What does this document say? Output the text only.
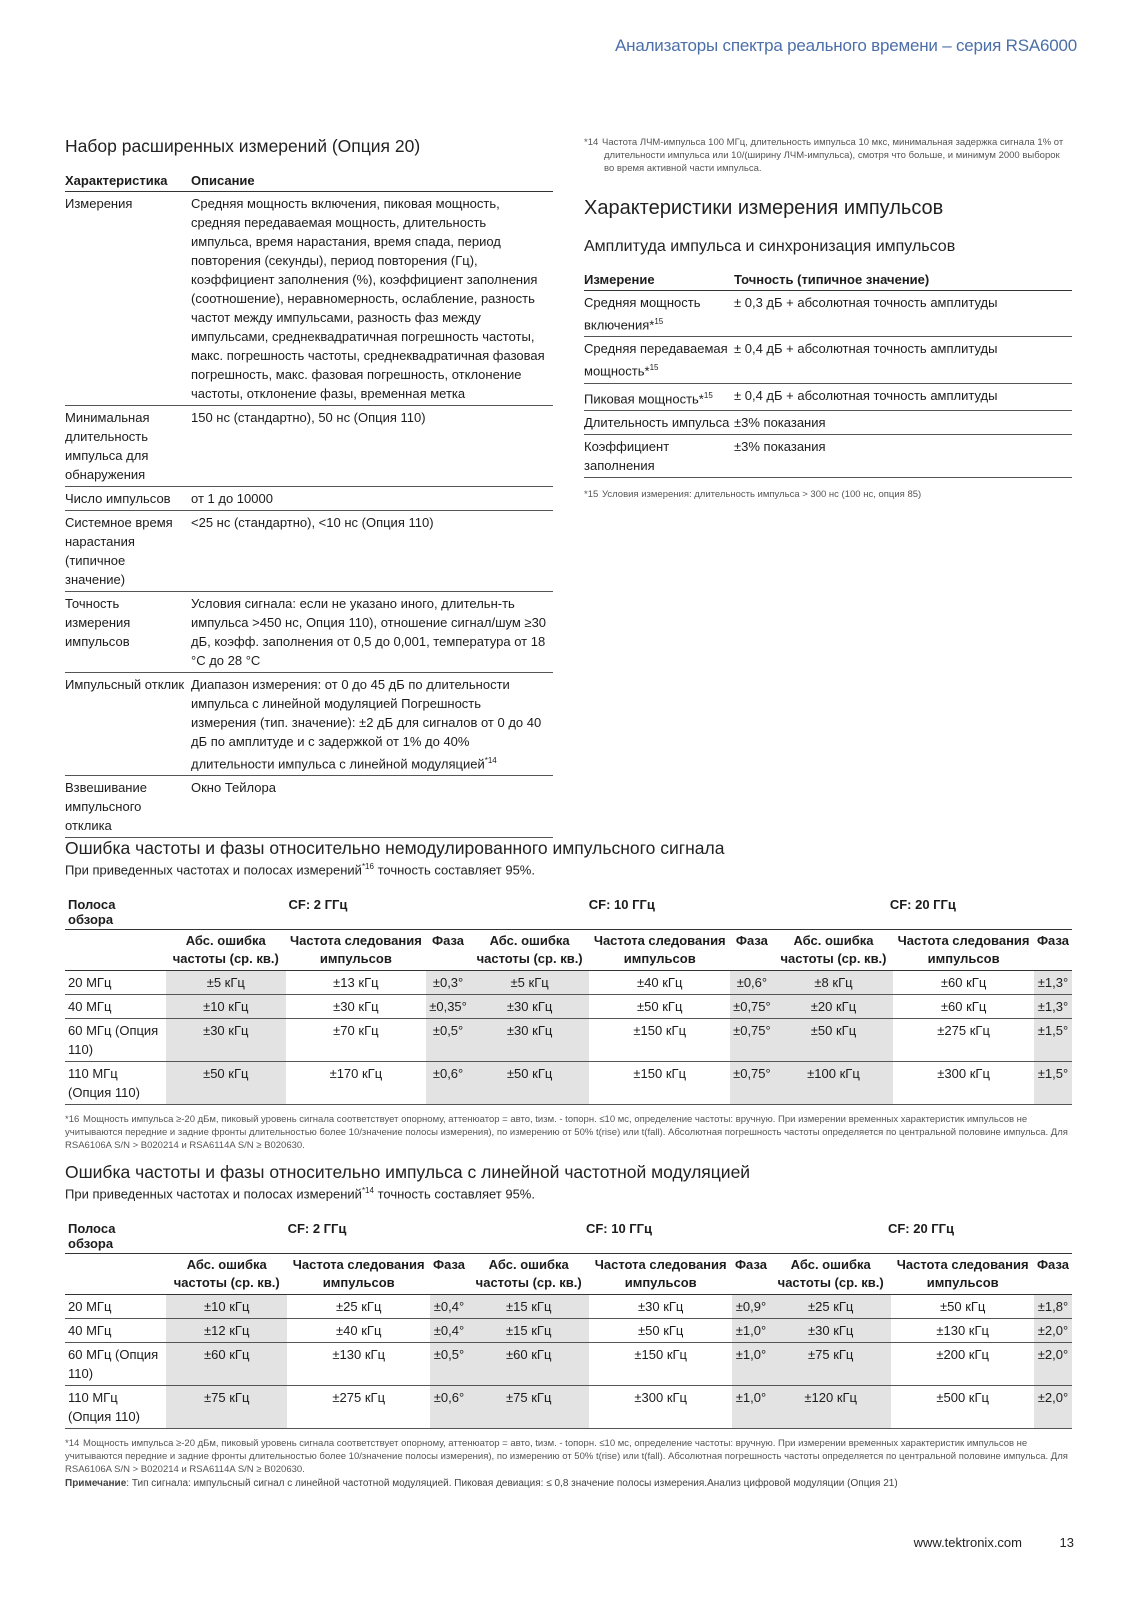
Анализаторы спектра реального времени – серия RSA6000
Набор расширенных измерений (Опция 20)
Характеристика	Описание
Измерения	Средняя мощность включения, пиковая мощность, средняя передаваемая мощность, длительность импульса, время нарастания, время спада, период повторения (секунды), период повторения (Гц), коэффициент заполнения (%), коэффициент заполнения (соотношение), неравномерность, ослабление, разность частот между импульсами, разность фаз между импульсами, среднеквадратичная погрешность частоты, макс. погрешность частоты, среднеквадратичная фазовая погрешность, макс. фазовая погрешность, отклонение частоты, отклонение фазы, временная метка
Минимальная длительность импульса для обнаружения	150 нс (стандартно), 50 нс (Опция 110)
Число импульсов	от 1 до 10000
Системное время нарастания (типичное значение)	<25 нс (стандартно), <10 нс (Опция 110)
Точность измерения импульсов	Условия сигнала: если не указано иного, длительн-ть импульса >450 нс, Опция 110), отношение сигнал/шум ≥30 дБ, коэфф. заполнения от 0,5 до 0,001, температура от 18 °C до 28 °C
Импульсный отклик	Диапазон измерения: от 0 до 45 дБ по длительности импульса с линейной модуляцией Погрешность измерения (тип. значение): ±2 дБ для сигналов от 0 до 40 дБ по амплитуде и с задержкой от 1% до 40% длительности импульса с линейной модуляцией$^{*14}$
Взвешивание импульсного отклика	Окно Тейлора
*14 Частота ЛЧМ-импульса 100 МГц, длительность импульса 10 мкс, минимальная задержка сигнала 1% от длительности импульса или 10/(ширину ЛЧМ-импульса), смотря что больше, и минимум 2000 выборок во время активной части импульса.
Характеристики измерения импульсов
Амплитуда импульса и синхронизация импульсов
Измерение	Точность (типичное значение)
Средняя мощность включения*$^{15}$	± 0,3 дБ + абсолютная точность амплитуды
Средняя передаваемая мощность*$^{15}$	± 0,4 дБ + абсолютная точность амплитуды
Пиковая мощность*$^{15}$	± 0,4 дБ + абсолютная точность амплитуды
Длительность импульса	±3% показания
Коэффициент заполнения	±3% показания
*15 Условия измерения: длительность импульса > 300 нс (100 нс, опция 85)
Ошибка частоты и фазы относительно немодулированного импульсного сигнала
При приведенных частотах и полосах измерений$^{*16}$ точность составляет 95%.
Полоса обзора	CF: 2 ГГц			CF: 10 ГГц			CF: 20 ГГц		
	Абс. ошибка частоты (ср. кв.)	Частота следования импульсов	Фаза	Абс. ошибка частоты (ср. кв.)	Частота следования импульсов	Фаза	Абс. ошибка частоты (ср. кв.)	Частота следования импульсов	Фаза
20 МГц	±5 кГц	±13 кГц	±0,3°	±5 кГц	±40 кГц	±0,6°	±8 кГц	±60 кГц	±1,3°
40 МГц	±10 кГц	±30 кГц	±0,35°	±30 кГц	±50 кГц	±0,75°	±20 кГц	±60 кГц	±1,3°
60 МГц (Опция 110)	±30 кГц	±70 кГц	±0,5°	±30 кГц	±150 кГц	±0,75°	±50 кГц	±275 кГц	±1,5°
110 МГц (Опция 110)	±50 кГц	±170 кГц	±0,6°	±50 кГц	±150 кГц	±0,75°	±100 кГц	±300 кГц	±1,5°
*16 Мощность импульса ≥-20 дБм, пиковый уровень сигнала соответствует опорному, аттенюатор = авто, tизм. - tопорн. ≤10 мс, определение частоты: вручную. При измерении временных характеристик импульсов не учитываются передние и задние фронты длительностью более 10/значение полосы измерения), по измерению от 50% t(rise) или t(fall). Абсолютная погрешность частоты определяется по центральной половине импульса. Для RSA6106A S/N > B020214 и RSA6114A S/N ≥ B020630.
Ошибка частоты и фазы относительно импульса с линейной частотной модуляцией
При приведенных частотах и полосах измерений$^{*14}$ точность составляет 95%.
Полоса обзора	CF: 2 ГГц			CF: 10 ГГц			CF: 20 ГГц		
	Абс. ошибка частоты (ср. кв.)	Частота следования импульсов	Фаза	Абс. ошибка частоты (ср. кв.)	Частота следования импульсов	Фаза	Абс. ошибка частоты (ср. кв.)	Частота следования импульсов	Фаза
20 МГц	±10 кГц	±25 кГц	±0,4°	±15 кГц	±30 кГц	±0,9°	±25 кГц	±50 кГц	±1,8°
40 МГц	±12 кГц	±40 кГц	±0,4°	±15 кГц	±50 кГц	±1,0°	±30 кГц	±130 кГц	±2,0°
60 МГц (Опция 110)	±60 кГц	±130 кГц	±0,5°	±60 кГц	±150 кГц	±1,0°	±75 кГц	±200 кГц	±2,0°
110 МГц (Опция 110)	±75 кГц	±275 кГц	±0,6°	±75 кГц	±300 кГц	±1,0°	±120 кГц	±500 кГц	±2,0°
*14 Мощность импульса ≥-20 дБм, пиковый уровень сигнала соответствует опорному, аттенюатор = авто, tизм. - tопорн. ≤10 мс, определение частоты: вручную. При измерении временных характеристик импульсов не учитываются передние и задние фронты длительностью более 10/значение полосы измерения), по измерению от 50% t(rise) или t(fall). Абсолютная погрешность частоты определяется по центральной половине импульса. Для RSA6106A S/N > B020214 и RSA6114A S/N ≥ B020630.
Примечание: Тип сигнала: импульсный сигнал с линейной частотной модуляцией. Пиковая девиация: ≤ 0,8 значение полосы измерения.Анализ цифровой модуляции (Опция 21)
www.tektronix.com	13
